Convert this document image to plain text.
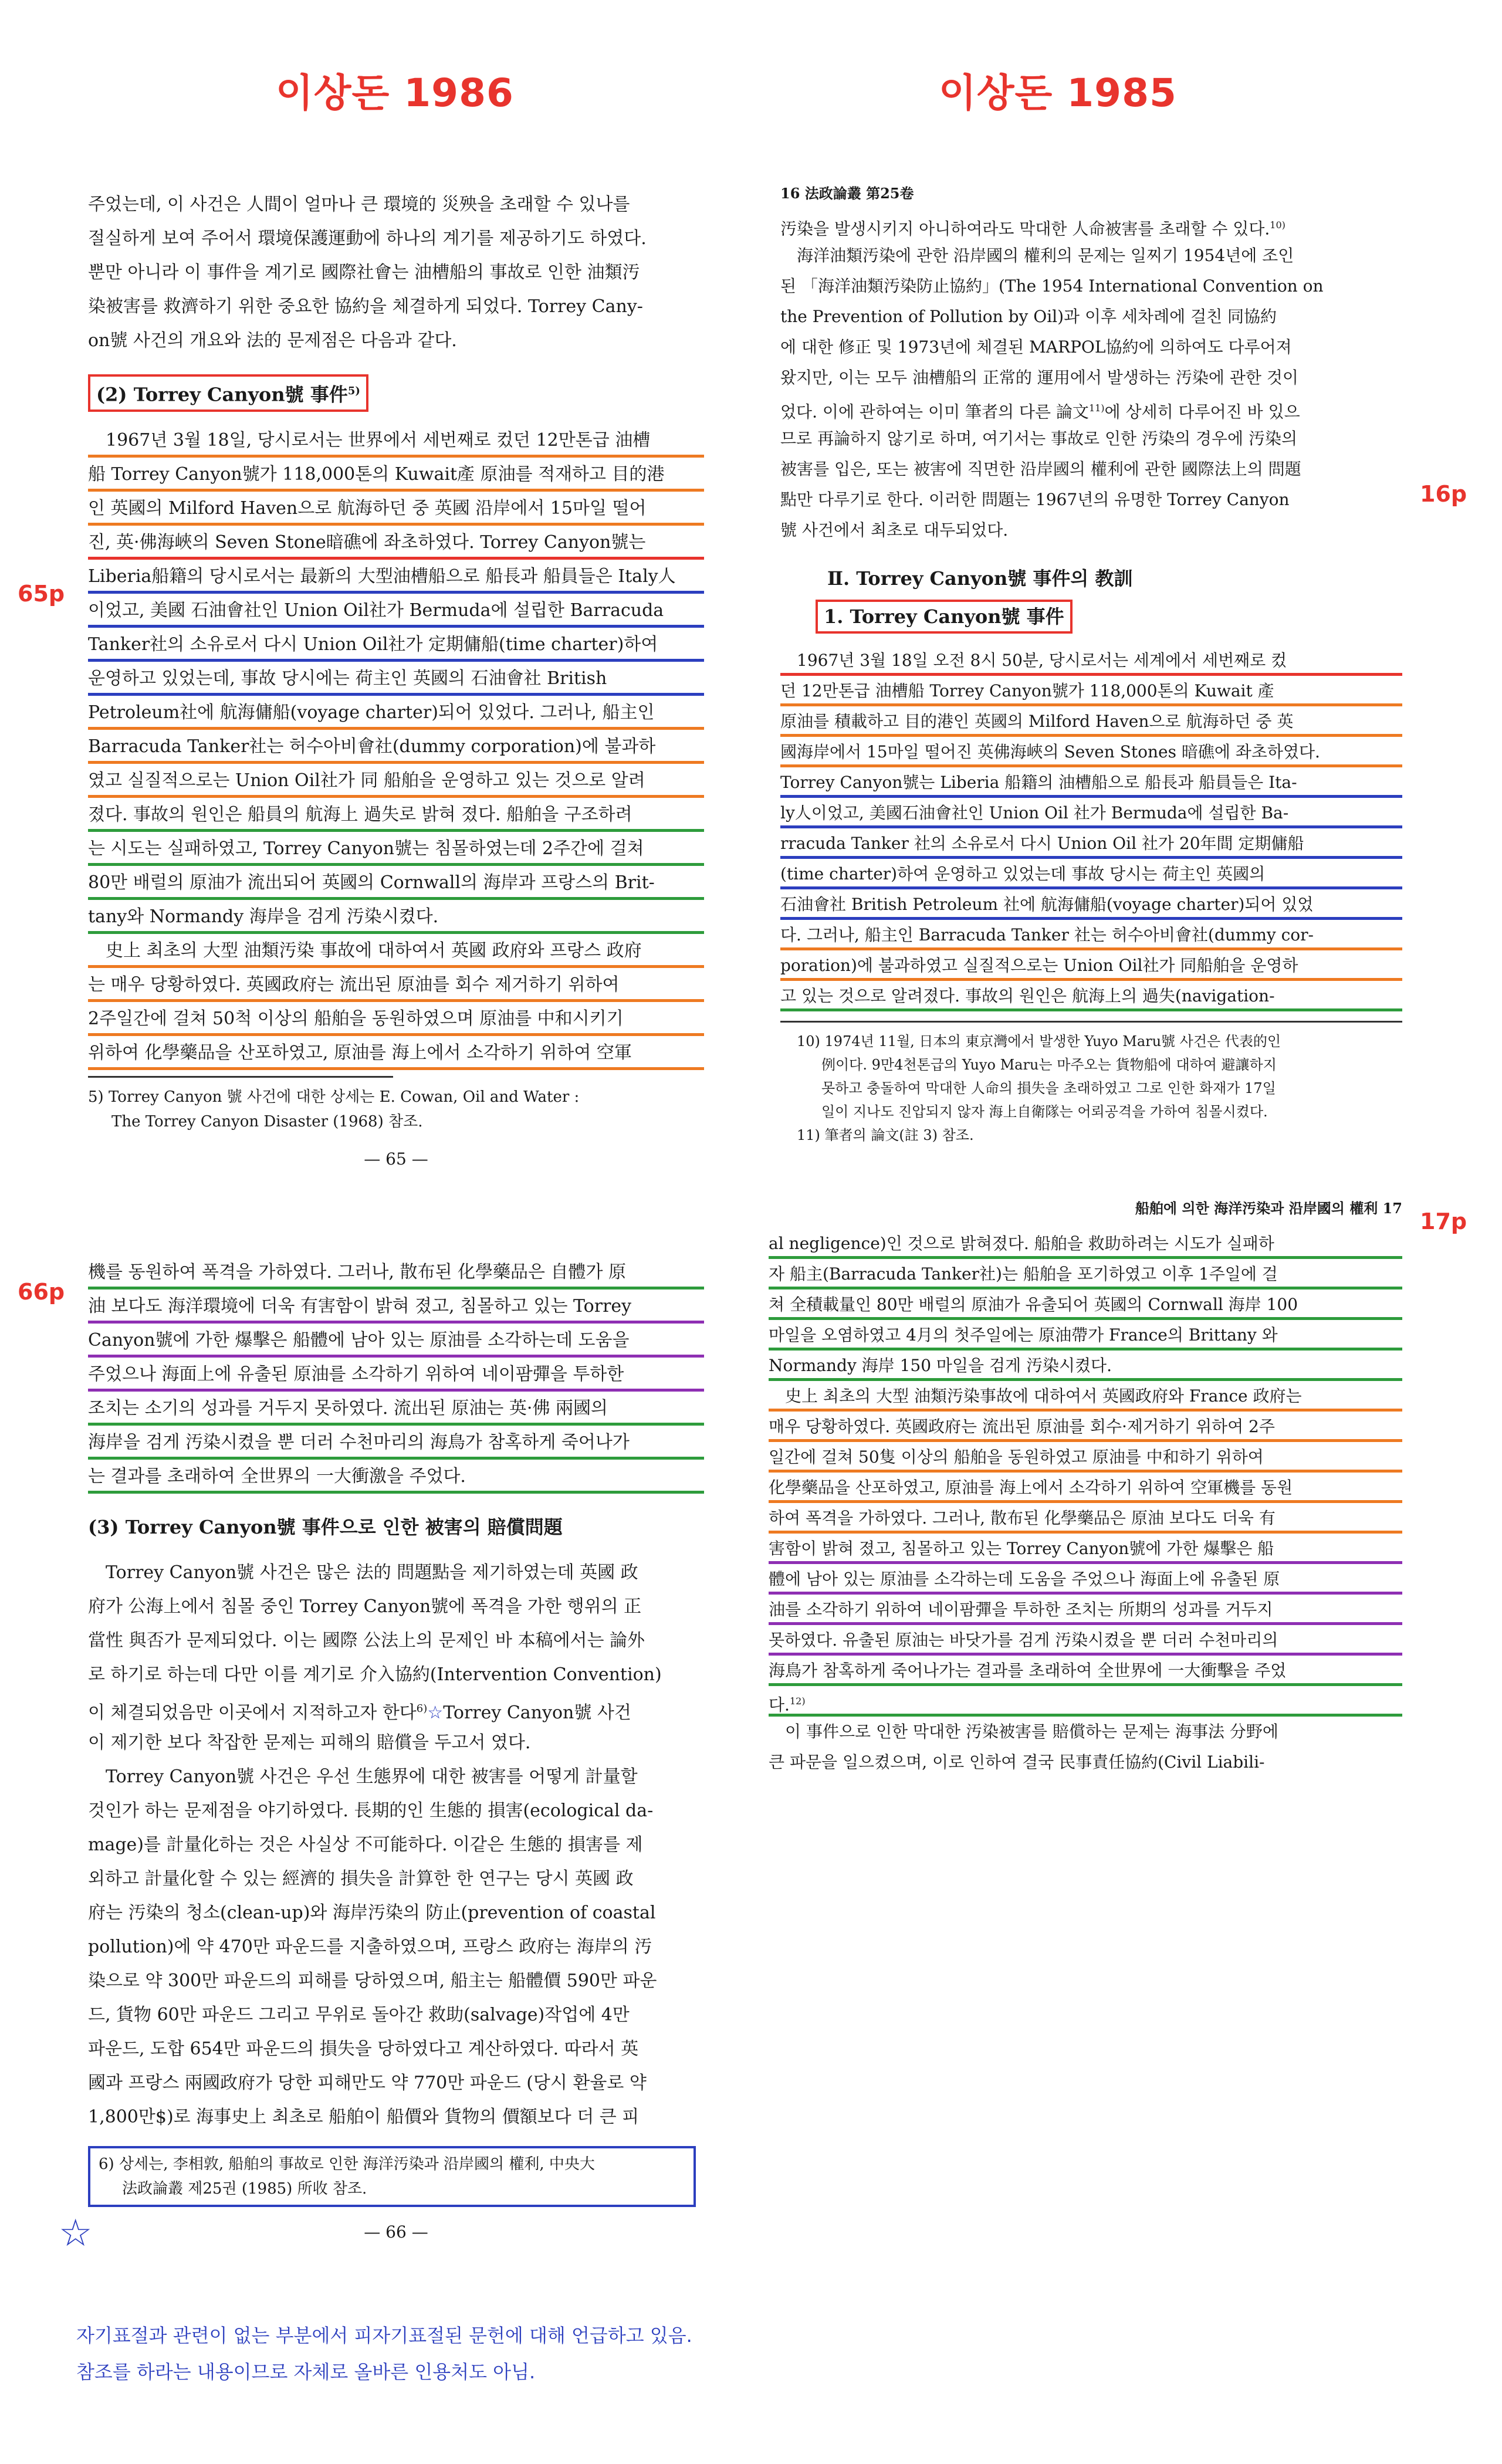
이상돈 1986	이상돈 1985
65p
66p
16p
17p
주었는데, 이 사건은 人間이 얼마나 큰 環境的 災殃을 초래할 수 있나를
절실하게 보여 주어서 環境保護運動에 하나의 계기를 제공하기도 하였다.
뿐만 아니라 이 事件을 계기로 國際社會는 油槽船의 事故로 인한 油類汚
染被害를 救濟하기 위한 중요한 協約을 체결하게 되었다. Torrey Cany-
on號 사건의 개요와 法的 문제점은 다음과 같다.
(2) Torrey Canyon號 事件$^{5)}$
1967년 3월 18일, 당시로서는 世界에서 세번째로 컸던 12만톤급 油槽
船 Torrey Canyon號가 118,000톤의 Kuwait產 原油를 적재하고 目的港
인 英國의 Milford Haven으로 航海하던 중 英國 沿岸에서 15마일 떨어
진, 英·佛海峽의 Seven Stone暗礁에 좌초하였다. Torrey Canyon號는
Liberia船籍의 당시로서는 最新의 大型油槽船으로 船長과 船員들은 Italy人
이었고, 美國 石油會社인 Union Oil社가 Bermuda에 설립한 Barracuda
Tanker社의 소유로서 다시 Union Oil社가 定期傭船(time charter)하여
운영하고 있었는데, 事故 당시에는 荷主인 英國의 石油會社 British
Petroleum社에 航海傭船(voyage charter)되어 있었다. 그러나, 船主인
Barracuda Tanker社는 허수아비會社(dummy corporation)에 불과하
였고 실질적으로는 Union Oil社가 同 船舶을 운영하고 있는 것으로 알려
졌다. 事故의 원인은 船員의 航海上 過失로 밝혀 졌다. 船舶을 구조하려
는 시도는 실패하였고, Torrey Canyon號는 침몰하였는데 2주간에 걸쳐
80만 배럴의 原油가 流出되어 英國의 Cornwall의 海岸과 프랑스의 Brit-
tany와 Normandy 海岸을 검게 汚染시켰다.
史上 최초의 大型 油類汚染 事故에 대하여서 英國 政府와 프랑스 政府
는 매우 당황하였다. 英國政府는 流出된 原油를 회수 제거하기 위하여
2주일간에 걸쳐 50척 이상의 船舶을 동원하였으며 原油를 中和시키기
위하여 化學藥品을 산포하였고, 原油를 海上에서 소각하기 위하여 空軍
5) Torrey Canyon 號 사건에 대한 상세는 E. Cowan, Oil and Water :
The Torrey Canyon Disaster (1968) 참조.
— 65 —
機를 동원하여 폭격을 가하였다. 그러나, 散布된 化學藥品은 自體가 原
油 보다도 海洋環境에 더욱 有害함이 밝혀 졌고, 침몰하고 있는 Torrey
Canyon號에 가한 爆擊은 船體에 남아 있는 原油를 소각하는데 도움을
주었으나 海面上에 유출된 原油를 소각하기 위하여 네이팜彈을 투하한
조치는 소기의 성과를 거두지 못하였다. 流出된 原油는 英·佛 兩國의
海岸을 검게 汚染시켰을 뿐 더러 수천마리의 海鳥가 참혹하게 죽어나가
는 결과를 초래하여 全世界의 一大衝激을 주었다.
(3) Torrey Canyon號 事件으로 인한 被害의 賠償問題
Torrey Canyon號 사건은 많은 法的 問題點을 제기하였는데 英國 政
府가 公海上에서 침몰 중인 Torrey Canyon號에 폭격을 가한 행위의 正
當性 與否가 문제되었다. 이는 國際 公法上의 문제인 바 本稿에서는 論外
로 하기로 하는데 다만 이를 계기로 介入協約(Intervention Convention)
이 체결되었음만 이곳에서 지적하고자 한다$^{6)}$☆Torrey Canyon號 사건
이 제기한 보다 착잡한 문제는 피해의 賠償을 두고서 였다.
Torrey Canyon號 사건은 우선 生態界에 대한 被害를 어떻게 計量할
것인가 하는 문제점을 야기하였다. 長期的인 生態的 損害(ecological da-
mage)를 計量化하는 것은 사실상 不可能하다. 이같은 生態的 損害를 제
외하고 計量化할 수 있는 經濟的 損失을 計算한 한 연구는 당시 英國 政
府는 汚染의 청소(clean-up)와 海岸汚染의 防止(prevention of coastal
pollution)에 약 470만 파운드를 지출하였으며, 프랑스 政府는 海岸의 汚
染으로 약 300만 파운드의 피해를 당하였으며, 船主는 船體價 590만 파운
드, 貨物 60만 파운드 그리고 무위로 돌아간 救助(salvage)작업에 4만
파운드, 도합 654만 파운드의 損失을 당하였다고 계산하였다. 따라서 英
國과 프랑스 兩國政府가 당한 피해만도 약 770만 파운드 (당시 환율로 약
1,800만$)로 海事史上 최초로 船舶이 船價와 貨物의 價額보다 더 큰 피
6) 상세는, 李相敦, 船舶의 事故로 인한 海洋汚染과 沿岸國의 權利, 中央大
法政論叢 제25권 (1985) 所收 참조.
— 66 —
☆
자기표절과 관련이 없는 부분에서 피자기표절된 문헌에 대해 언급하고 있음.
참조를 하라는 내용이므로 자체로 올바른 인용처도 아님.
16 法政論叢 第25卷
汚染을 발생시키지 아니하여라도 막대한 人命被害를 초래할 수 있다.$^{10)}$
海洋油類汚染에 관한 沿岸國의 權利의 문제는 일찌기 1954년에 조인
된 「海洋油類汚染防止協約」(The 1954 International Convention on
the Prevention of Pollution by Oil)과 이후 세차례에 걸친 同協約
에 대한 修正 및 1973년에 체결된 MARPOL協約에 의하여도 다루어져
왔지만, 이는 모두 油槽船의 正常的 運用에서 발생하는 汚染에 관한 것이
었다. 이에 관하여는 이미 筆者의 다른 論文$^{11)}$에 상세히 다루어진 바 있으
므로 再論하지 않기로 하며, 여기서는 事故로 인한 汚染의 경우에 汚染의
被害를 입은, 또는 被害에 직면한 沿岸國의 權利에 관한 國際法上의 問題
點만 다루기로 한다. 이러한 問題는 1967년의 유명한 Torrey Canyon
號 사건에서 최초로 대두되었다.
Ⅱ. Torrey Canyon號 事件의 教訓
1. Torrey Canyon號 事件
1967년 3월 18일 오전 8시 50분, 당시로서는 세계에서 세번째로 컸
던 12만톤급 油槽船 Torrey Canyon號가 118,000톤의 Kuwait 產
原油를 積載하고 目的港인 英國의 Milford Haven으로 航海하던 중 英
國海岸에서 15마일 떨어진 英佛海峽의 Seven Stones 暗礁에 좌초하였다.
Torrey Canyon號는 Liberia 船籍의 油槽船으로 船長과 船員들은 Ita-
ly人이었고, 美國石油會社인 Union Oil 社가 Bermuda에 설립한 Ba-
rracuda Tanker 社의 소유로서 다시 Union Oil 社가 20年間 定期傭船
(time charter)하여 운영하고 있었는데 事故 당시는 荷主인 英國의
石油會社 British Petroleum 社에 航海傭船(voyage charter)되어 있었
다. 그러나, 船主인 Barracuda Tanker 社는 허수아비會社(dummy cor-
poration)에 불과하였고 실질적으로는 Union Oil社가 同船舶을 운영하
고 있는 것으로 알려졌다. 事故의 원인은 航海上의 過失(navigation-
10) 1974년 11월, 日本의 東京灣에서 발생한 Yuyo Maru號 사건은 代表的인
例이다. 9만4천톤급의 Yuyo Maru는 마주오는 貨物船에 대하여 避讓하지
못하고 충돌하여 막대한 人命의 損失을 초래하였고 그로 인한 화재가 17일
일이 지나도 진압되지 않자 海上自衛隊는 어뢰공격을 가하여 침몰시켰다.
11) 筆者의 論文(註 3) 참조.
船舶에 의한 海洋汚染과 沿岸國의 權利 17
al negligence)인 것으로 밝혀졌다. 船舶을 救助하려는 시도가 실패하
자 船主(Barracuda Tanker社)는 船舶을 포기하였고 이후 1주일에 걸
쳐 全積載量인 80만 배럴의 原油가 유출되어 英國의 Cornwall 海岸 100
마일을 오염하였고 4月의 첫주일에는 原油帶가 France의 Brittany 와
Normandy 海岸 150 마일을 검게 汚染시켰다.
史上 최초의 大型 油類汚染事故에 대하여서 英國政府와 France 政府는
매우 당황하였다. 英國政府는 流出된 原油를 회수·제거하기 위하여 2주
일간에 걸쳐 50隻 이상의 船舶을 동원하였고 原油를 中和하기 위하여
化學藥品을 산포하였고, 原油를 海上에서 소각하기 위하여 空軍機를 동원
하여 폭격을 가하였다. 그러나, 散布된 化學藥品은 原油 보다도 더욱 有
害함이 밝혀 졌고, 침몰하고 있는 Torrey Canyon號에 가한 爆擊은 船
體에 남아 있는 原油를 소각하는데 도움을 주었으나 海面上에 유출된 原
油를 소각하기 위하여 네이팜彈을 투하한 조치는 所期의 성과를 거두지
못하였다. 유출된 原油는 바닷가를 검게 汚染시켰을 뿐 더러 수천마리의
海鳥가 참혹하게 죽어나가는 결과를 초래하여 全世界에 一大衝擊을 주었
다.$^{12)}$
이 事件으로 인한 막대한 汚染被害를 賠償하는 문제는 海事法 分野에
큰 파문을 일으켰으며, 이로 인하여 결국 民事責任協約(Civil Liabili-
